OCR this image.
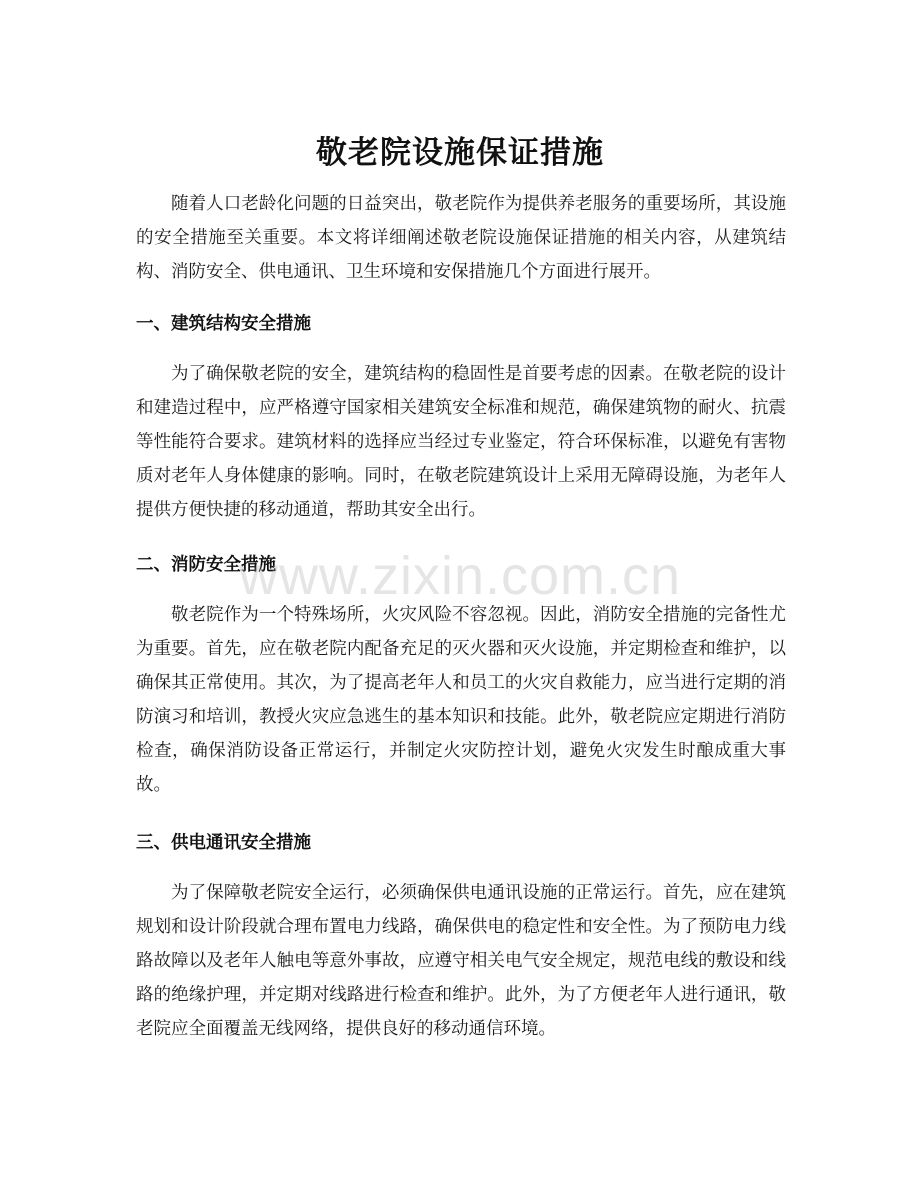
敬老院设施保证措施

随着人口老龄化问题的日益突出，敬老院作为提供养老服务的重要场所，其设施的安全措施至关重要。本文将详细阐述敬老院设施保证措施的相关内容，从建筑结构、消防安全、供电通讯、卫生环境和安保措施几个方面进行展开。

一、建筑结构安全措施

为了确保敬老院的安全，建筑结构的稳固性是首要考虑的因素。在敬老院的设计和建造过程中，应严格遵守国家相关建筑安全标准和规范，确保建筑物的耐火、抗震等性能符合要求。建筑材料的选择应当经过专业鉴定，符合环保标准，以避免有害物质对老年人身体健康的影响。同时，在敬老院建筑设计上采用无障碍设施，为老年人提供方便快捷的移动通道，帮助其安全出行。

二、消防安全措施

敬老院作为一个特殊场所，火灾风险不容忽视。因此，消防安全措施的完备性尤为重要。首先，应在敬老院内配备充足的灭火器和灭火设施，并定期检查和维护，以确保其正常使用。其次，为了提高老年人和员工的火灾自救能力，应当进行定期的消防演习和培训，教授火灾应急逃生的基本知识和技能。此外，敬老院应定期进行消防检查，确保消防设备正常运行，并制定火灾防控计划，避免火灾发生时酿成重大事故。

三、供电通讯安全措施

为了保障敬老院安全运行，必须确保供电通讯设施的正常运行。首先，应在建筑规划和设计阶段就合理布置电力线路，确保供电的稳定性和安全性。为了预防电力线路故障以及老年人触电等意外事故，应遵守相关电气安全规定，规范电线的敷设和线路的绝缘护理，并定期对线路进行检查和维护。此外，为了方便老年人进行通讯，敬老院应全面覆盖无线网络，提供良好的移动通信环境。

www.zixin.com.cn
